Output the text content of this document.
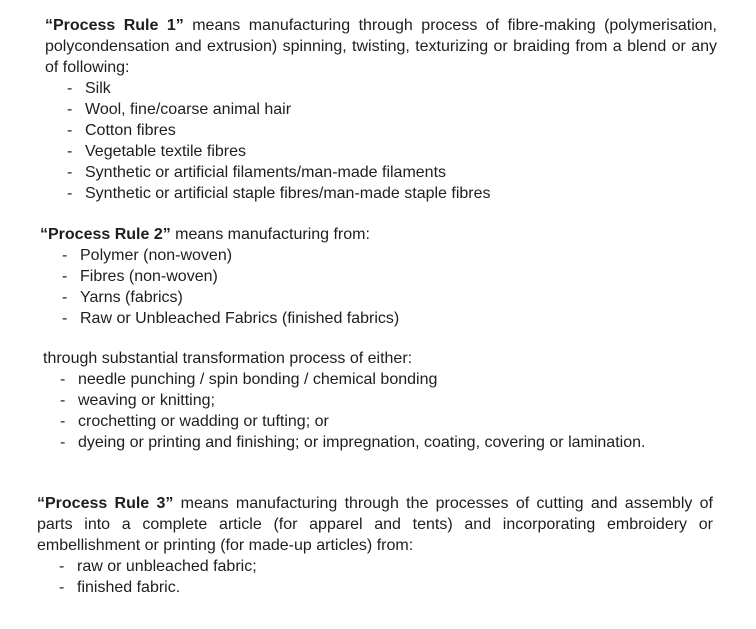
“Process Rule 1” means manufacturing through process of fibre-making (polymerisation, polycondensation and extrusion) spinning, twisting, texturizing or braiding from a blend or any of following:

- Silk
- Wool, fine/coarse animal hair
- Cotton fibres
- Vegetable textile fibres
- Synthetic or artificial filaments/man-made filaments
- Synthetic or artificial staple fibres/man-made staple fibres

“Process Rule 2” means manufacturing from:

- Polymer (non-woven)
- Fibres (non-woven)
- Yarns (fabrics)
- Raw or Unbleached Fabrics (finished fabrics)

through substantial transformation process of either:

- needle punching / spin bonding / chemical bonding
- weaving or knitting;
- crochetting or wadding or tufting; or
- dyeing or printing and finishing; or impregnation, coating, covering or lamination.

“Process Rule 3” means manufacturing through the processes of cutting and assembly of parts into a complete article (for apparel and tents) and incorporating embroidery or embellishment or printing (for made-up articles) from:

- raw or unbleached fabric;
- finished fabric.
